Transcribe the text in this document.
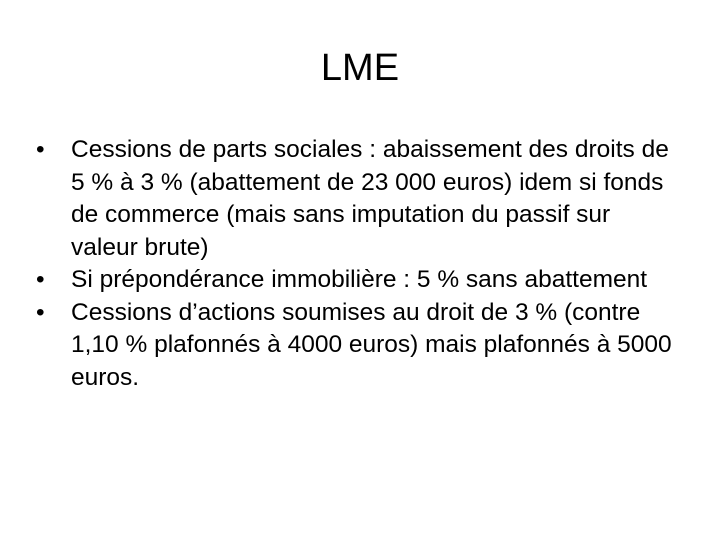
LME
•	Cessions de parts sociales : abaissement des droits de 5 % à 3 % (abattement de 23 000 euros) idem si fonds de commerce (mais sans imputation du passif sur valeur brute)
•	Si prépondérance immobilière : 5 % sans abattement
•	Cessions d’actions soumises au droit de 3 % (contre 1,10 % plafonnés à 4000 euros) mais plafonnés à 5000 euros.
